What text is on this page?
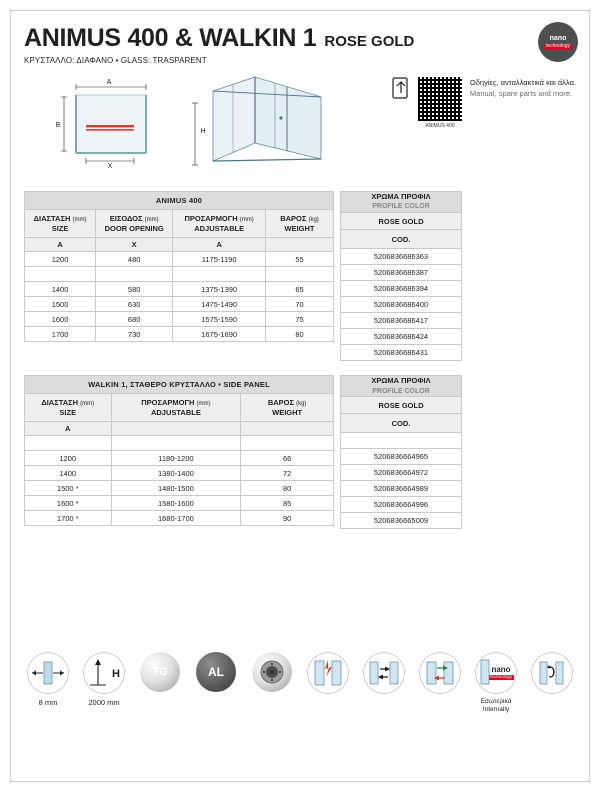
ANIMUS 400 & WALKIN 1 ROSE GOLD
ΚΡΥΣΤΑΛΛΟ: ΔΙΑΦΑΝΟ • GLASS: TRASPARENT
nano
technology
A
B
X
H
ANIMUS 400
Οδηγίες, ανταλλακτικά και άλλα.
Manual, spare parts and more.
ANIMUS 400			
ΔΙΑΣΤΑΣΗ (mm)
SIZE	ΕΙΣΟΔΟΣ (mm)
DOOR OPENING	ΠΡΟΣΑΡΜΟΓΗ (mm)
ADJUSTABLE	ΒΑΡΟΣ (kg)
WEIGHT
A	X	A	
1200	480	1175-1190	55

1400	580	1375-1390	65
1500	630	1475-1490	70
1600	680	1575-1590	75
1700	730	1675-1690	80
ΧΡΩΜΑ ΠΡΟΦΙΛ
PROFILE COLOR
ROSE GOLD
COD.
5206836686363
5206836686387
5206836686394
5206836686400
5206836686417
5206836686424
5206836686431
WALKIN 1, ΣΤΑΘΕΡΟ ΚΡΥΣΤΑΛΛΟ • SIDE PANEL		
ΔΙΑΣΤΑΣΗ (mm)
SIZE	ΠΡΟΣΑΡΜΟΓΗ (mm)
ADJUSTABLE	ΒΑΡΟΣ (kg)
WEIGHT
A		

1200	1180-1200	66
1400	1380-1400	72
1500 *	1480-1500	80
1600 *	1580-1600	85
1700 *	1680-1700	90
ΧΡΩΜΑ ΠΡΟΦΙΛ
PROFILE COLOR
ROSE GOLD
COD.

5206836664965
5206836664972
5206836664989
5206836664996
5206836665009
8 mm
H
2000 mm
TG	AL	nano
technology
Εσωτερικά
Internally
